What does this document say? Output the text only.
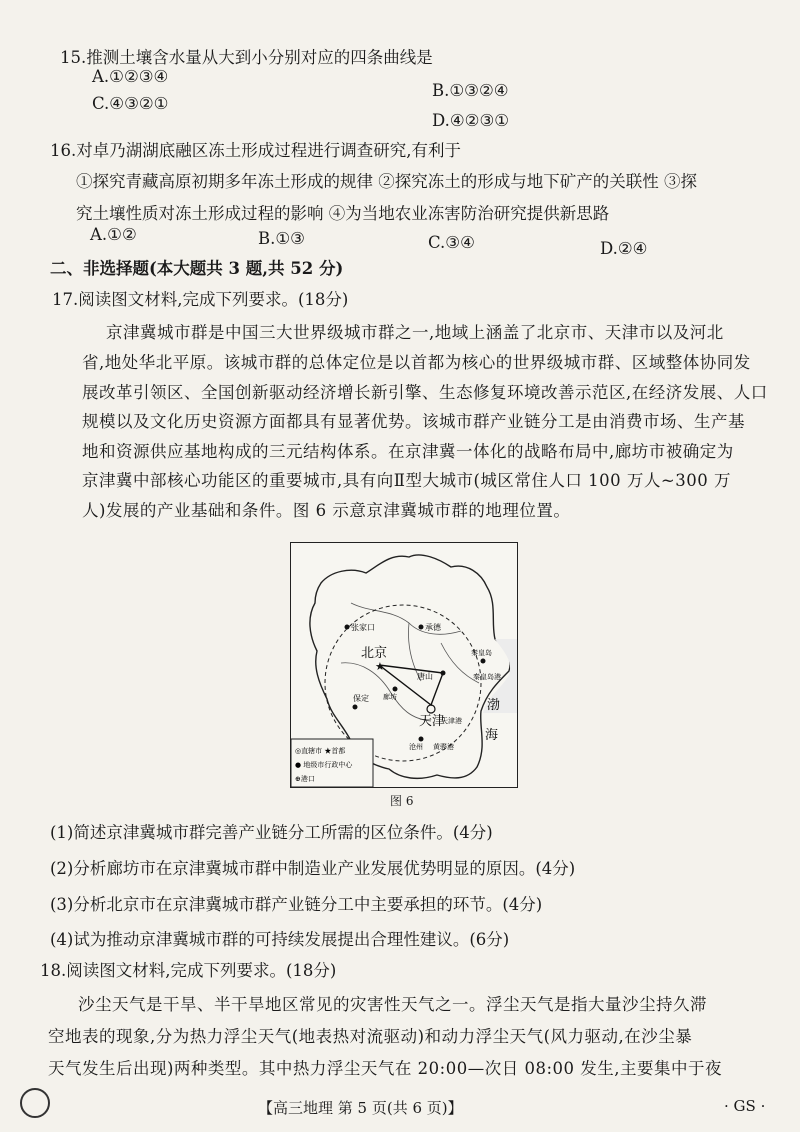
15.推测土壤含水量从大到小分别对应的四条曲线是
A.①②③④
B.①③②④
C.④③②①
D.④②③①
16.对卓乃湖湖底融区冻土形成过程进行调查研究,有利于
①探究青藏高原初期多年冻土形成的规律 ②探究冻土的形成与地下矿产的关联性 ③探
究土壤性质对冻土形成过程的影响 ④为当地农业冻害防治研究提供新思路
A.①②	B.①③	C.③④	D.②④
二、非选择题(本大题共 3 题,共 52 分)
17.阅读图文材料,完成下列要求。(18分)
京津冀城市群是中国三大世界级城市群之一,地域上涵盖了北京市、天津市以及河北
省,地处华北平原。该城市群的总体定位是以首都为核心的世界级城市群、区域整体协同发
展改革引领区、全国创新驱动经济增长新引擎、生态修复环境改善示范区,在经济发展、人口
规模以及文化历史资源方面都具有显著优势。该城市群产业链分工是由消费市场、生产基
地和资源供应基地构成的三元结构体系。在京津冀一体化的战略布局中,廊坊市被确定为
京津冀中部核心功能区的重要城市,具有向Ⅱ型大城市(城区常住人口 100 万人~300 万
人)发展的产业基础和条件。图 6 示意京津冀城市群的地理位置。
★
张家口	承德
北京
唐山
秦皇岛
秦皇岛港
廊坊
保定
天津
天津港
沧州 黄骅港
渤
海
◎直辖市 ★首都
● 地级市行政中心
⊕港口
图 6
(1)简述京津冀城市群完善产业链分工所需的区位条件。(4分)
(2)分析廊坊市在京津冀城市群中制造业产业发展优势明显的原因。(4分)
(3)分析北京市在京津冀城市群产业链分工中主要承担的环节。(4分)
(4)试为推动京津冀城市群的可持续发展提出合理性建议。(6分)
18.阅读图文材料,完成下列要求。(18分)
沙尘天气是干旱、半干旱地区常见的灾害性天气之一。浮尘天气是指大量沙尘持久滞
空地表的现象,分为热力浮尘天气(地表热对流驱动)和动力浮尘天气(风力驱动,在沙尘暴
天气发生后出现)两种类型。其中热力浮尘天气在 20:00—次日 08:00 发生,主要集中于夜
【高三地理 第 5 页(共 6 页)】	· GS ·
